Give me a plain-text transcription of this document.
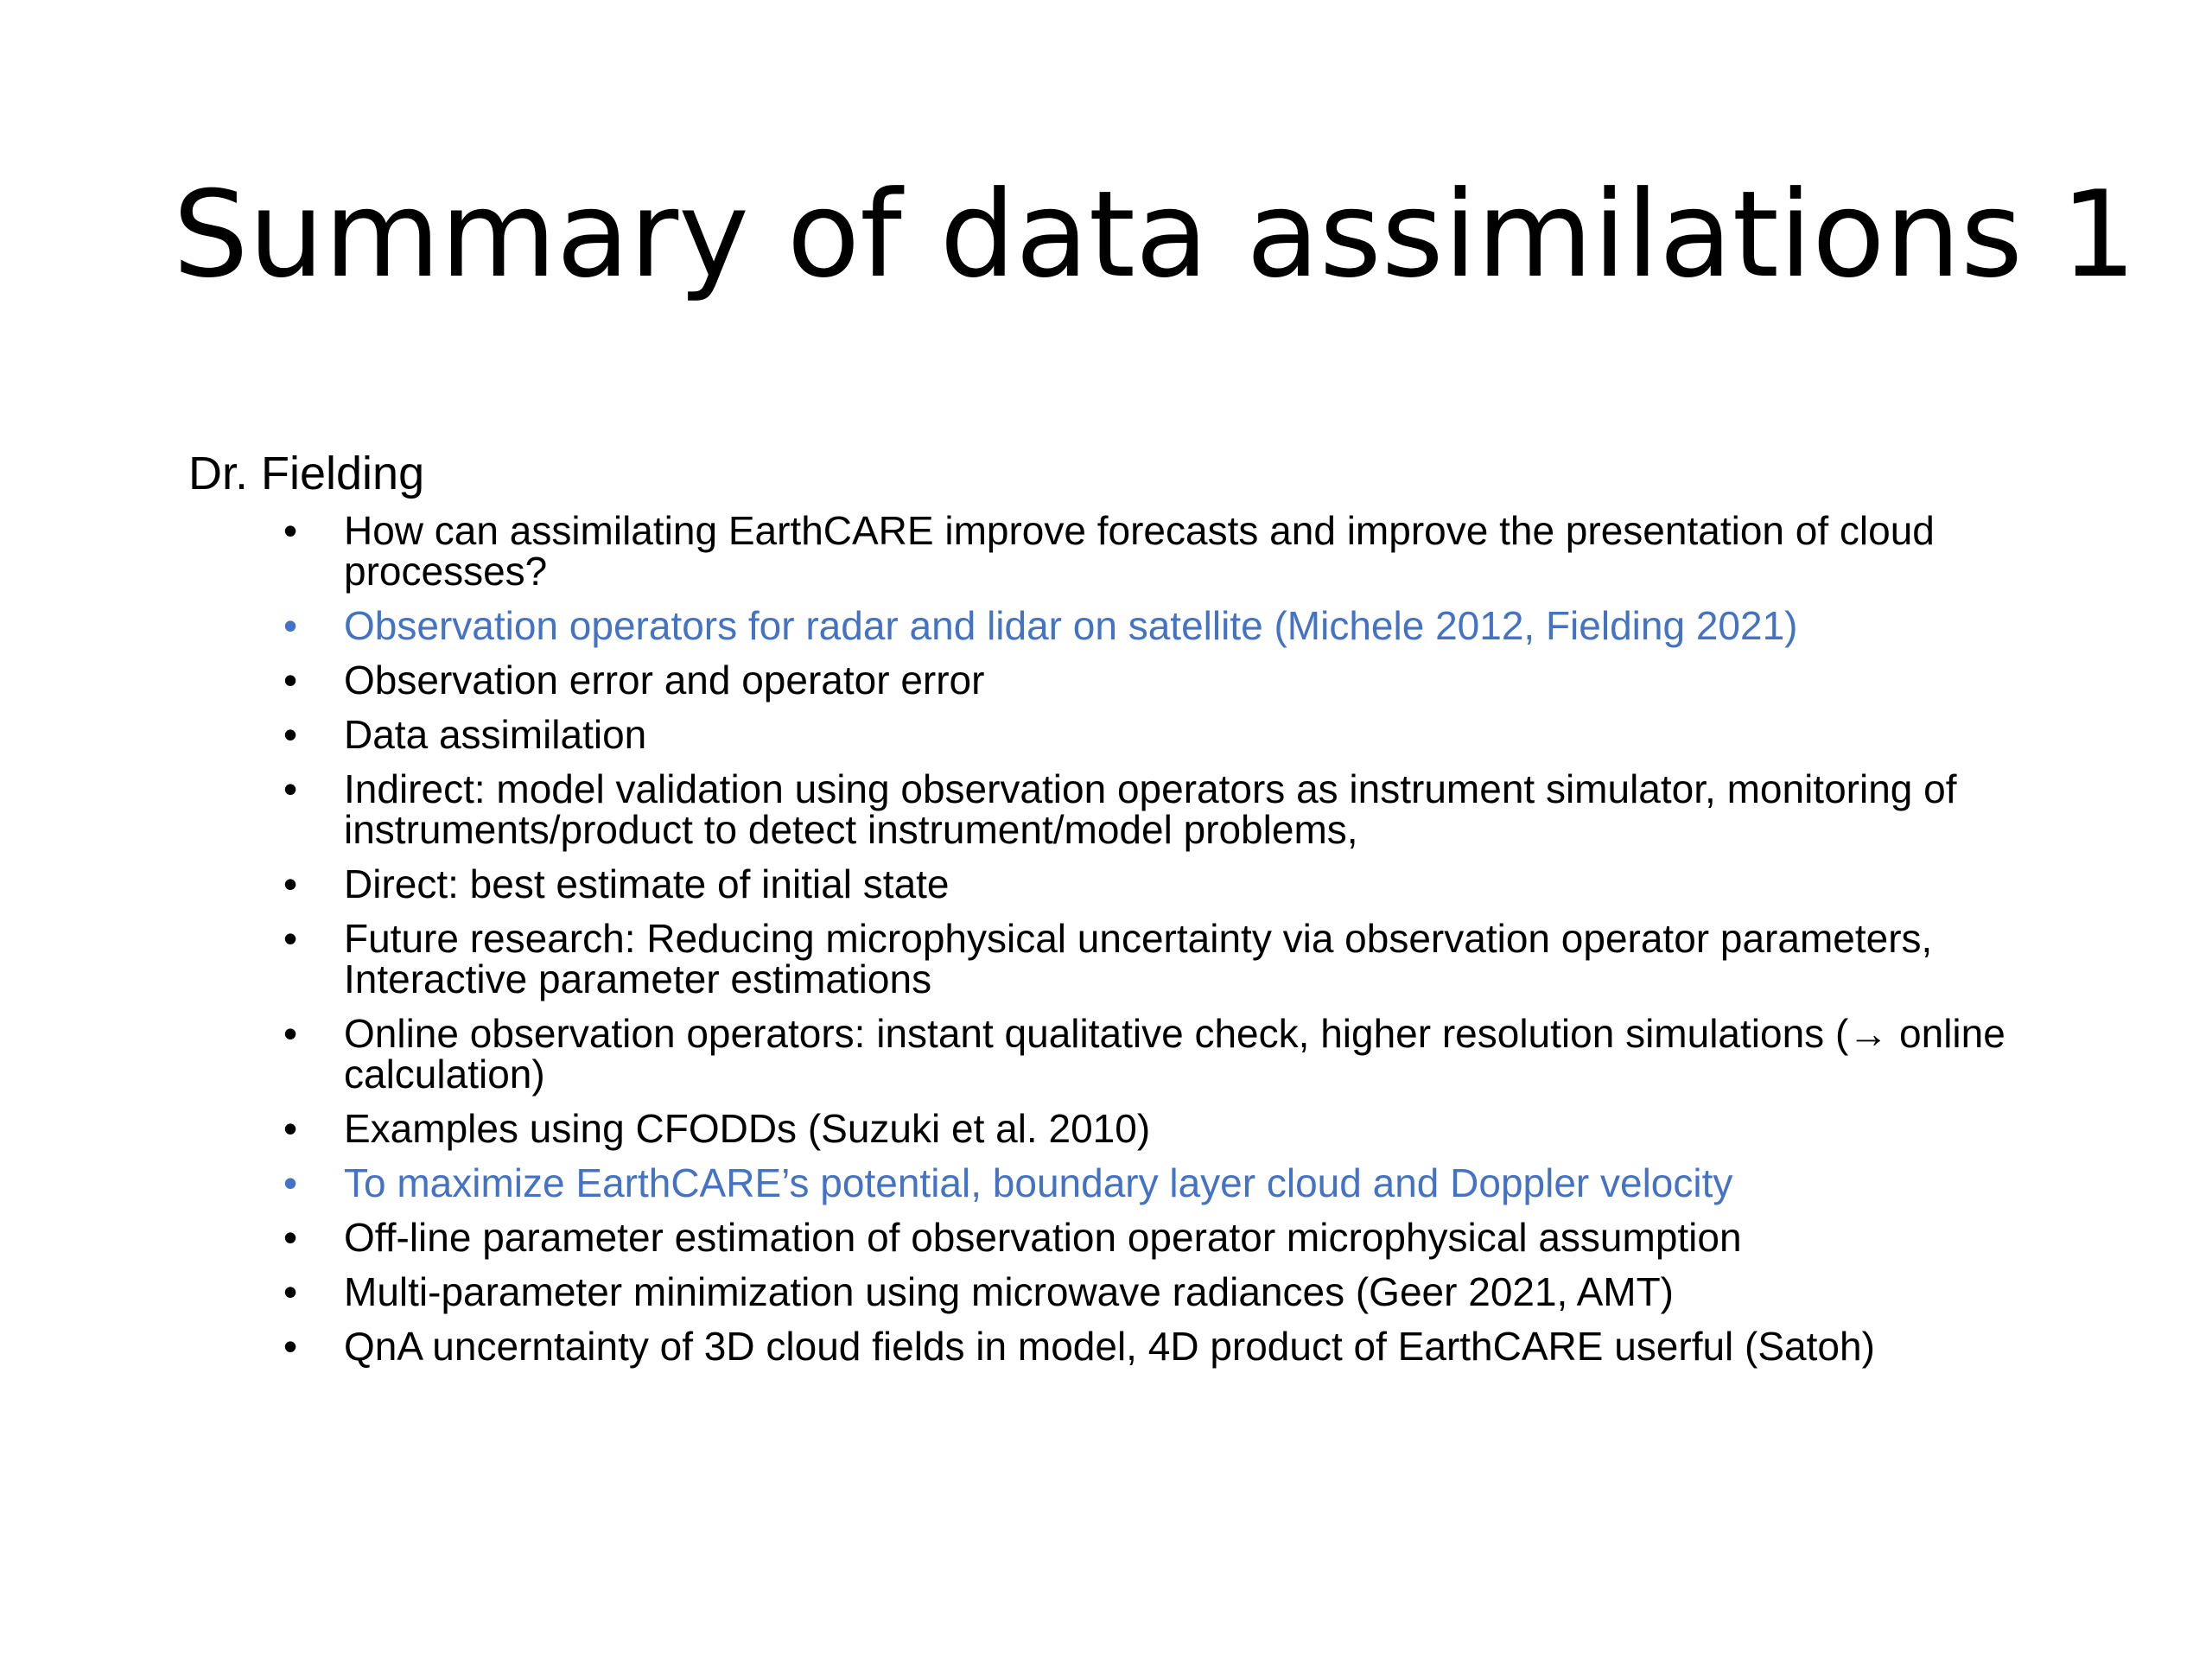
Summary of data assimilations 1
Dr. Fielding
• How can assimilating EarthCARE improve forecasts and improve the presentation of cloud processes?
• Observation operators for radar and lidar on satellite (Michele 2012, Fielding 2021)
• Observation error and operator error
• Data assimilation
• Indirect: model validation using observation operators as instrument simulator, monitoring of instruments/product to detect instrument/model problems,
• Direct: best estimate of initial state
• Future research: Reducing microphysical uncertainty via observation operator parameters, Interactive parameter estimations
• Online observation operators: instant qualitative check, higher resolution simulations (→ online calculation)
• Examples using CFODDs (Suzuki et al. 2010)
• To maximize EarthCARE’s potential, boundary layer cloud and Doppler velocity
• Off-line parameter estimation of observation operator microphysical assumption
• Multi-parameter minimization using microwave radiances (Geer 2021, AMT)
• QnA uncerntainty of 3D cloud fields in model, 4D product of EarthCARE userful (Satoh)
